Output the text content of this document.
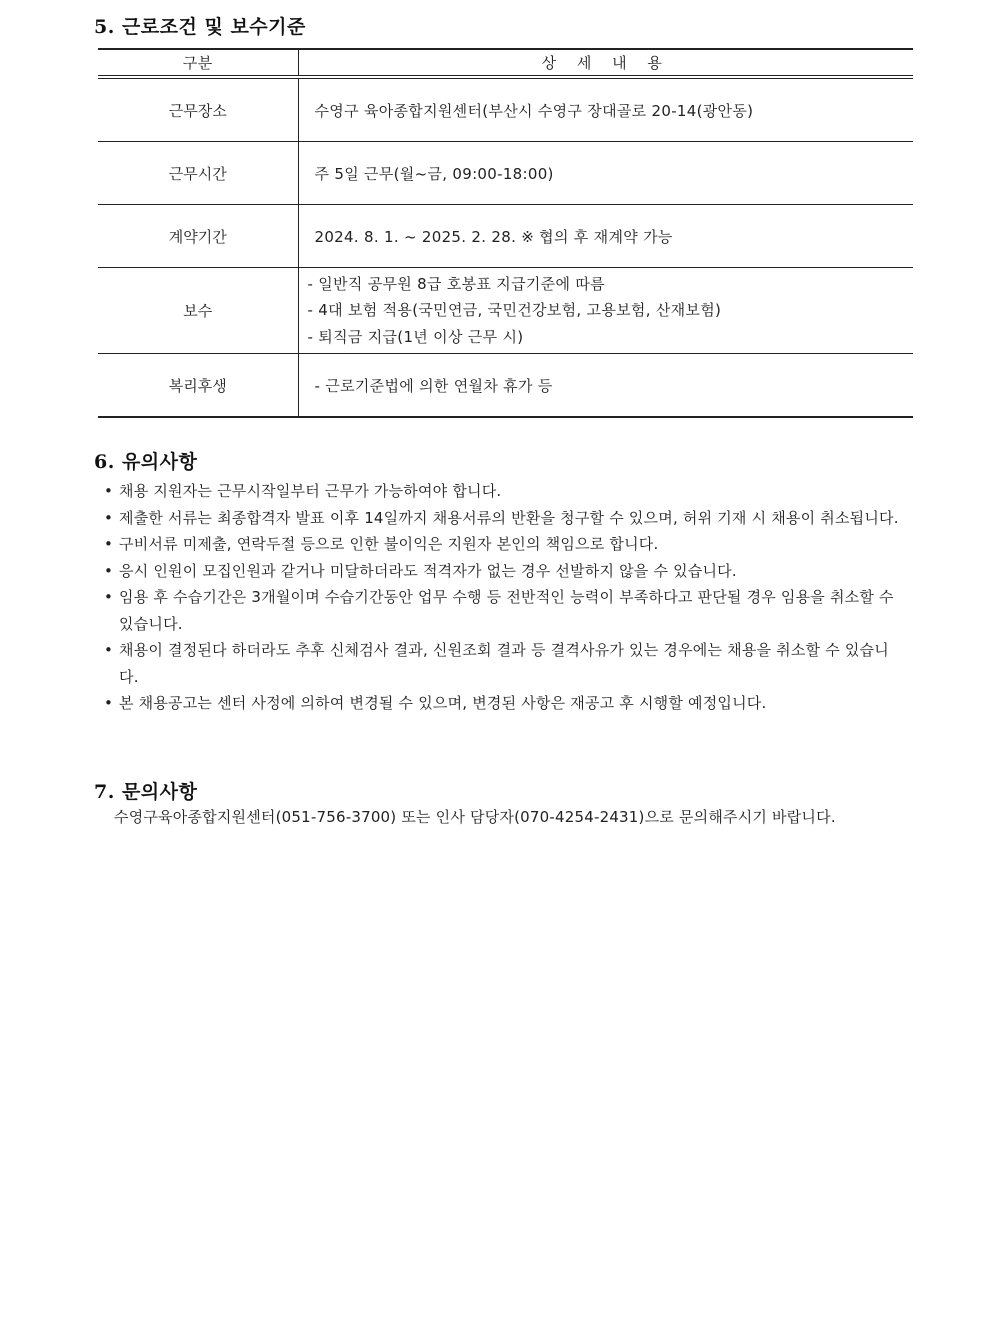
5. 근로조건 및 보수기준
구분	상 세 내 용
근무장소	수영구 육아종합지원센터(부산시 수영구 장대골로 20-14(광안동)
근무시간	주 5일 근무(월~금, 09:00-18:00)
계약기간	2024. 8. 1. ~ 2025. 2. 28. ※ 협의 후 재계약 가능
보수	- 일반직 공무원 8급 호봉표 지급기준에 따름
- 4대 보험 적용(국민연금, 국민건강보험, 고용보험, 산재보험)
- 퇴직금 지급(1년 이상 근무 시)

복리후생	- 근로기준법에 의한 연월차 휴가 등
6. 유의사항
• 채용 지원자는 근무시작일부터 근무가 가능하여야 합니다.
• 제출한 서류는 최종합격자 발표 이후 14일까지 채용서류의 반환을 청구할 수 있으며, 허위 기재 시 채용이 취소됩니다.
• 구비서류 미제출, 연락두절 등으로 인한 불이익은 지원자 본인의 책임으로 합니다.
• 응시 인원이 모집인원과 같거나 미달하더라도 적격자가 없는 경우 선발하지 않을 수 있습니다.
• 임용 후 수습기간은 3개월이며 수습기간동안 업무 수행 등 전반적인 능력이 부족하다고 판단될 경우 임용을 취소할 수 있습니다.
• 채용이 결정된다 하더라도 추후 신체검사 결과, 신원조회 결과 등 결격사유가 있는 경우에는 채용을 취소할 수 있습니다.
• 본 채용공고는 센터 사정에 의하여 변경될 수 있으며, 변경된 사항은 재공고 후 시행할 예정입니다.
7. 문의사항

수영구육아종합지원센터(051-756-3700) 또는 인사 담당자(070-4254-2431)으로 문의해주시기 바랍니다.
